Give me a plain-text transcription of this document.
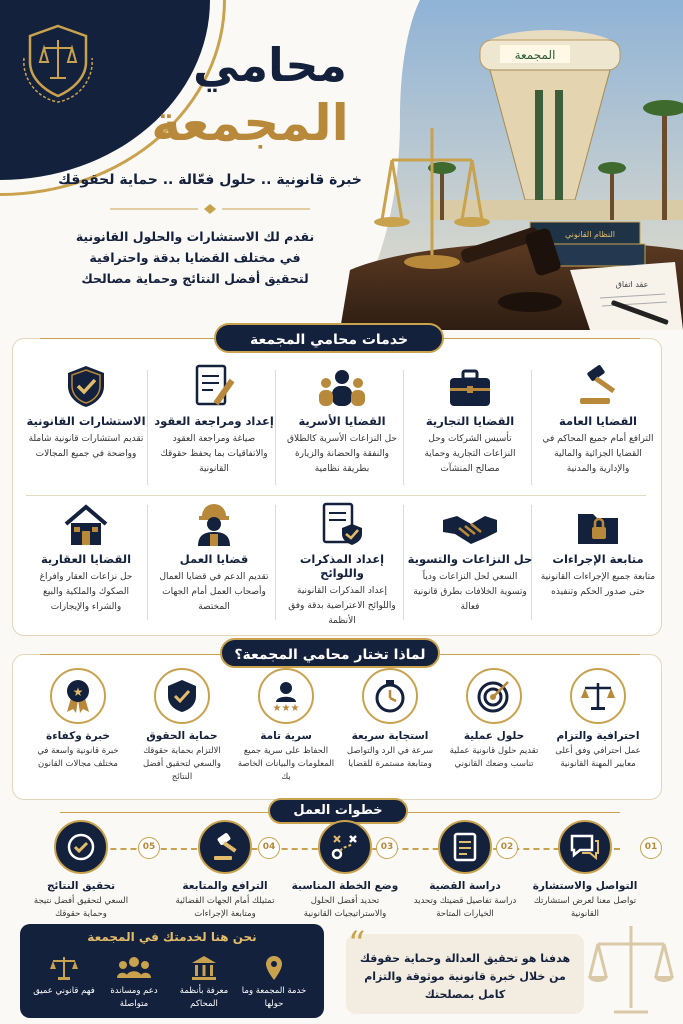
المجمعة
النظام القانوني
عقد اتفاق
محامي
المجمعة
خبرة قانونية .. حلول فعّالة .. حماية لحقوقك
نقدم لك الاستشارات والحلول القانونية
في مختلف القضايا بدقة واحترافية
لتحقيق أفضل النتائج وحماية مصالحك
خدمات محامي المجمعة
القضايا العامة
الترافع أمام جميع المحاكم في القضايا الجزائية والمالية والإدارية والمدنية
القضايا التجارية
تأسيس الشركات وحل النزاعات التجارية وحماية مصالح المنشآت
القضايا الأسرية
حل النزاعات الأسرية كالطلاق والنفقة والحضانة والزيارة بطريقة نظامية
إعداد ومراجعة العقود
صياغة ومراجعة العقود والاتفاقيات بما يحفظ حقوقك القانونية
الاستشارات القانونية
تقديم استشارات قانونية شاملة وواضحة في جميع المجالات
متابعة الإجراءات
متابعة جميع الإجراءات القانونية حتى صدور الحكم وتنفيذه
حل النزاعات والتسوية
السعي لحل النزاعات ودياً وتسوية الخلافات بطرق قانونية فعالة
إعداد المذكرات واللوائح
إعداد المذكرات القانونية واللوائح الاعتراضية بدقة وفق الأنظمة
قضايا العمل
تقديم الدعم في قضايا العمال وأصحاب العمل أمام الجهات المختصة
القضايا العقارية
حل نزاعات العقار وافراغ الصكوك والملكية والبيع والشراء والإيجارات
لماذا تختار محامي المجمعة؟
احترافية والتزام
عمل احترافي وفق أعلى معايير المهنة القانونية
حلول عملية
تقديم حلول قانونية عملية تناسب وضعك القانوني
استجابة سريعة
سرعة في الرد والتواصل ومتابعة مستمرة للقضايا
★★★
سرية تامة
الحفاظ على سرية جميع المعلومات والبيانات الخاصة بك
حماية الحقوق
الالتزام بحماية حقوقك والسعي لتحقيق أفضل النتائج
★
خبرة وكفاءة
خبرة قانونية واسعة في مختلف مجالات القانون
خطوات العمل
01
02
03
04
05
التواصل والاستشارة
تواصل معنا لعرض استشارتك القانونية
دراسة القضية
دراسة تفاصيل قضيتك وتحديد الخيارات المتاحة
وضع الخطة المناسبة
تحديد أفضل الحلول والاستراتيجيات القانونية
الترافع والمتابعة
تمثيلك أمام الجهات القضائية ومتابعة الإجراءات
تحقيق النتائج
السعي لتحقيق أفضل نتيجة وحماية حقوقك
نحن هنا لخدمتك في المجمعة
خدمة المجمعة وما حولها
معرفة بأنظمة المحاكم
دعم ومساندة متواصلة
فهم قانوني عميق
“
هدفنا هو تحقيق العدالة وحماية حقوقك من خلال خبرة قانونية موثوقة والتزام كامل بمصلحتك
